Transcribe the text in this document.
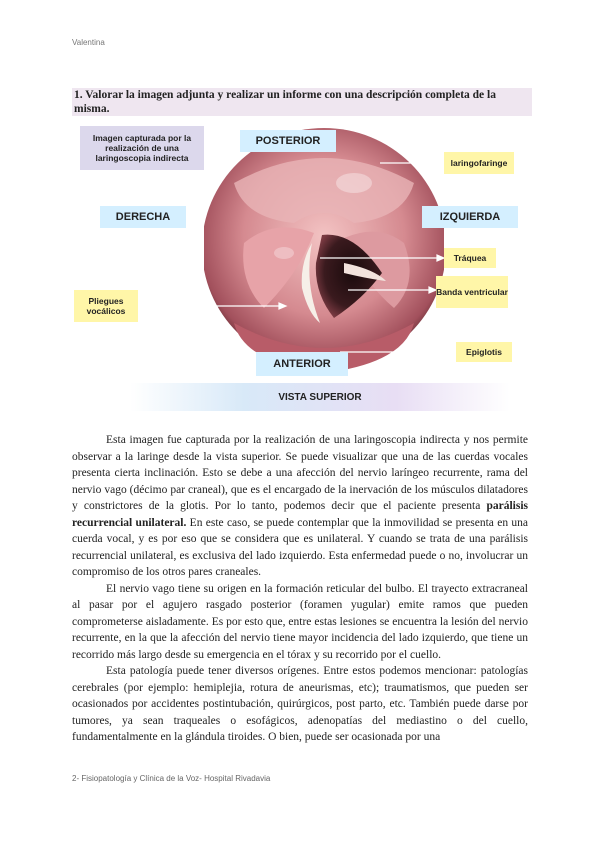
Valentina
1. Valorar la imagen adjunta y realizar un informe con una descripción completa de la misma.
Imagen capturada por la realización de una laringoscopia indirecta
POSTERIOR
DERECHA	IZQUIERDA
ANTERIOR
laringofaringe
Tráquea
Banda ventricular
Pliegues vocálicos
Epiglotis
VISTA SUPERIOR

Esta imagen fue capturada por la realización de una laringoscopia indirecta y nos permite observar a la laringe desde la vista superior. Se puede visualizar que una de las cuerdas vocales presenta cierta inclinación. Esto se debe a una afección del nervio laríngeo recurrente, rama del nervio vago (décimo par craneal), que es el encargado de la inervación de los músculos dilatadores y constrictores de la glotis. Por lo tanto, podemos decir que el paciente presenta parálisis recurrencial unilateral. En este caso, se puede contemplar que la inmovilidad se presenta en una cuerda vocal, y es por eso que se considera que es unilateral. Y cuando se trata de una parálisis recurrencial unilateral, es exclusiva del lado izquierdo. Esta enfermedad puede o no, involucrar un compromiso de los otros pares craneales.

El nervio vago tiene su origen en la formación reticular del bulbo. El trayecto extracraneal al pasar por el agujero rasgado posterior (foramen yugular) emite ramos que pueden comprometerse aisladamente. Es por esto que, entre estas lesiones se encuentra la lesión del nervio recurrente, en la que la afección del nervio tiene mayor incidencia del lado izquierdo, que tiene un recorrido más largo desde su emergencia en el tórax y su recorrido por el cuello.

Esta patología puede tener diversos orígenes. Entre estos podemos mencionar: patologías cerebrales (por ejemplo: hemiplejia, rotura de aneurismas, etc); traumatismos, que pueden ser ocasionados por accidentes postintubación, quirúrgicos, post parto, etc. También puede darse por tumores, ya sean traqueales o esofágicos, adenopatías del mediastino o del cuello, fundamentalmente en la glándula tiroides. O bien, puede ser ocasionada por una

2- Fisiopatología y Clínica de la Voz- Hospital Rivadavia
